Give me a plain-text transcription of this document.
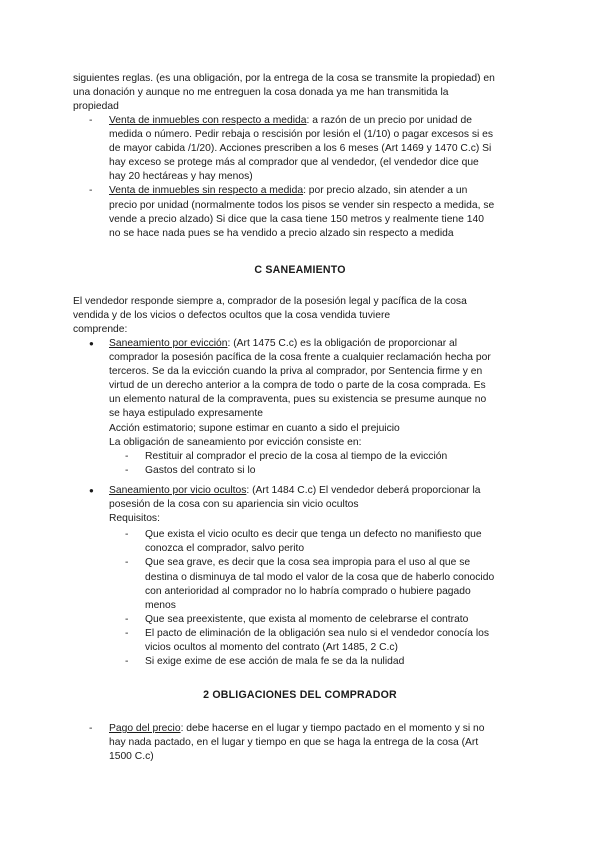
siguientes reglas. (es una obligación, por la entrega de la cosa se transmite la propiedad) en

una donación y aunque no me entreguen la cosa donada ya me han transmitida la

propiedad

- Venta de inmuebles con respecto a medida: a razón de un precio por unidad de

medida o número. Pedir rebaja o rescisión por lesión el (1/10) o pagar excesos si es

de mayor cabida /1/20). Acciones prescriben a los 6 meses (Art 1469 y 1470 C.c) Si

hay exceso se protege más al comprador que al vendedor, (el vendedor dice que

hay 20 hectáreas y hay menos)

- Venta de inmuebles sin respecto a medida: por precio alzado, sin atender a un

precio por unidad (normalmente todos los pisos se vender sin respecto a medida, se

vende a precio alzado) Si dice que la casa tiene 150 metros y realmente tiene 140

no se hace nada pues se ha vendido a precio alzado sin respecto a medida

C SANEAMIENTO

El vendedor responde siempre a, comprador de la posesión legal y pacífica de la cosa

vendida y de los vicios o defectos ocultos que la cosa vendida tuviere

comprende:

● Saneamiento por evicción: (Art 1475 C.c) es la obligación de proporcionar al

comprador la posesión pacífica de la cosa frente a cualquier reclamación hecha por

terceros. Se da la evicción cuando la priva al comprador, por Sentencia firme y en

virtud de un derecho anterior a la compra de todo o parte de la cosa comprada. Es

un elemento natural de la compraventa, pues su existencia se presume aunque no

se haya estipulado expresamente

Acción estimatorio; supone estimar en cuanto a sido el prejuicio

La obligación de saneamiento por evicción consiste en:

- Restituir al comprador el precio de la cosa al tiempo de la evicción

- Gastos del contrato si lo

● Saneamiento por vicio ocultos: (Art 1484 C.c) El vendedor deberá proporcionar la

posesión de la cosa con su apariencia sin vicio ocultos

Requisitos:

- Que exista el vicio oculto es decir que tenga un defecto no manifiesto que

conozca el comprador, salvo perito

- Que sea grave, es decir que la cosa sea impropia para el uso al que se

destina o disminuya de tal modo el valor de la cosa que de haberlo conocido

con anterioridad al comprador no lo habría comprado o hubiere pagado

menos

- Que sea preexistente, que exista al momento de celebrarse el contrato

- El pacto de eliminación de la obligación sea nulo si el vendedor conocía los

vicios ocultos al momento del contrato (Art 1485, 2 C.c)

- Si exige exime de ese acción de mala fe se da la nulidad

2 OBLIGACIONES DEL COMPRADOR
- Pago del precio: debe hacerse en el lugar y tiempo pactado en el momento y si no

hay nada pactado, en el lugar y tiempo en que se haga la entrega de la cosa (Art

1500 C.c)
